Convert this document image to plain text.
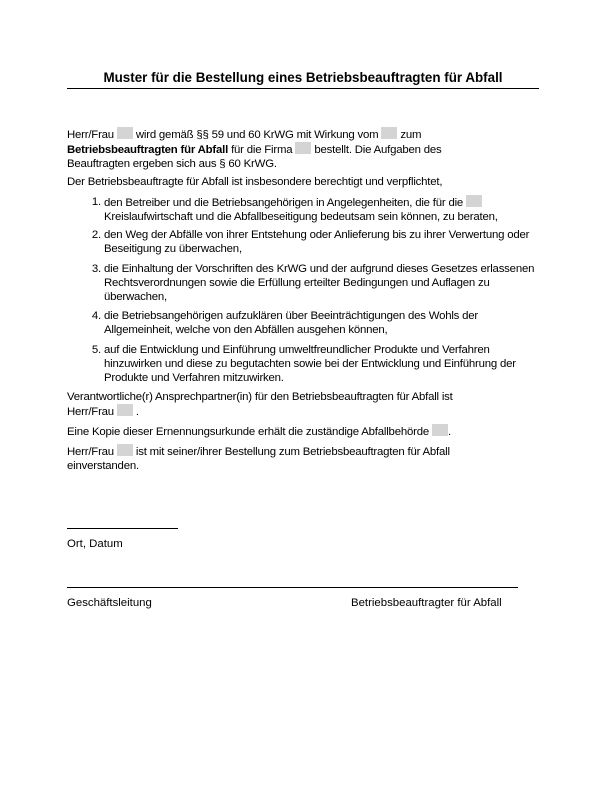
Muster für die Bestellung eines Betriebsbeauftragten für Abfall
Herr/Frau wird gemäß §§ 59 und 60 KrWG mit Wirkung vom zum
Betriebsbeauftragten für Abfall für die Firma bestellt. Die Aufgaben des
Beauftragten ergeben sich aus § 60 KrWG.
Der Betriebsbeauftragte für Abfall ist insbesondere berechtigt und verpflichtet,
1. den Betreiber und die Betriebsangehörigen in Angelegenheiten, die für die
Kreislaufwirtschaft und die Abfallbeseitigung bedeutsam sein können, zu beraten,
2. den Weg der Abfälle von ihrer Entstehung oder Anlieferung bis zu ihrer Verwertung oder Beseitigung zu überwachen,
3. die Einhaltung der Vorschriften des KrWG und der aufgrund dieses Gesetzes erlassenen Rechtsverordnungen sowie die Erfüllung erteilter Bedingungen und Auflagen zu überwachen,
4. die Betriebsangehörigen aufzuklären über Beeinträchtigungen des Wohls der Allgemeinheit, welche von den Abfällen ausgehen können,
5. auf die Entwicklung und Einführung umweltfreundlicher Produkte und Verfahren hinzuwirken und diese zu begutachten sowie bei der Entwicklung und Einführung der Produkte und Verfahren mitzuwirken.
Verantwortliche(r) Ansprechpartner(in) für den Betriebsbeauftragten für Abfall ist
Herr/Frau .
Eine Kopie dieser Ernennungsurkunde erhält die zuständige Abfallbehörde .
Herr/Frau ist mit seiner/ihrer Bestellung zum Betriebsbeauftragten für Abfall
einverstanden.
Ort, Datum
Geschäftsleitung	Betriebsbeauftragter für Abfall
